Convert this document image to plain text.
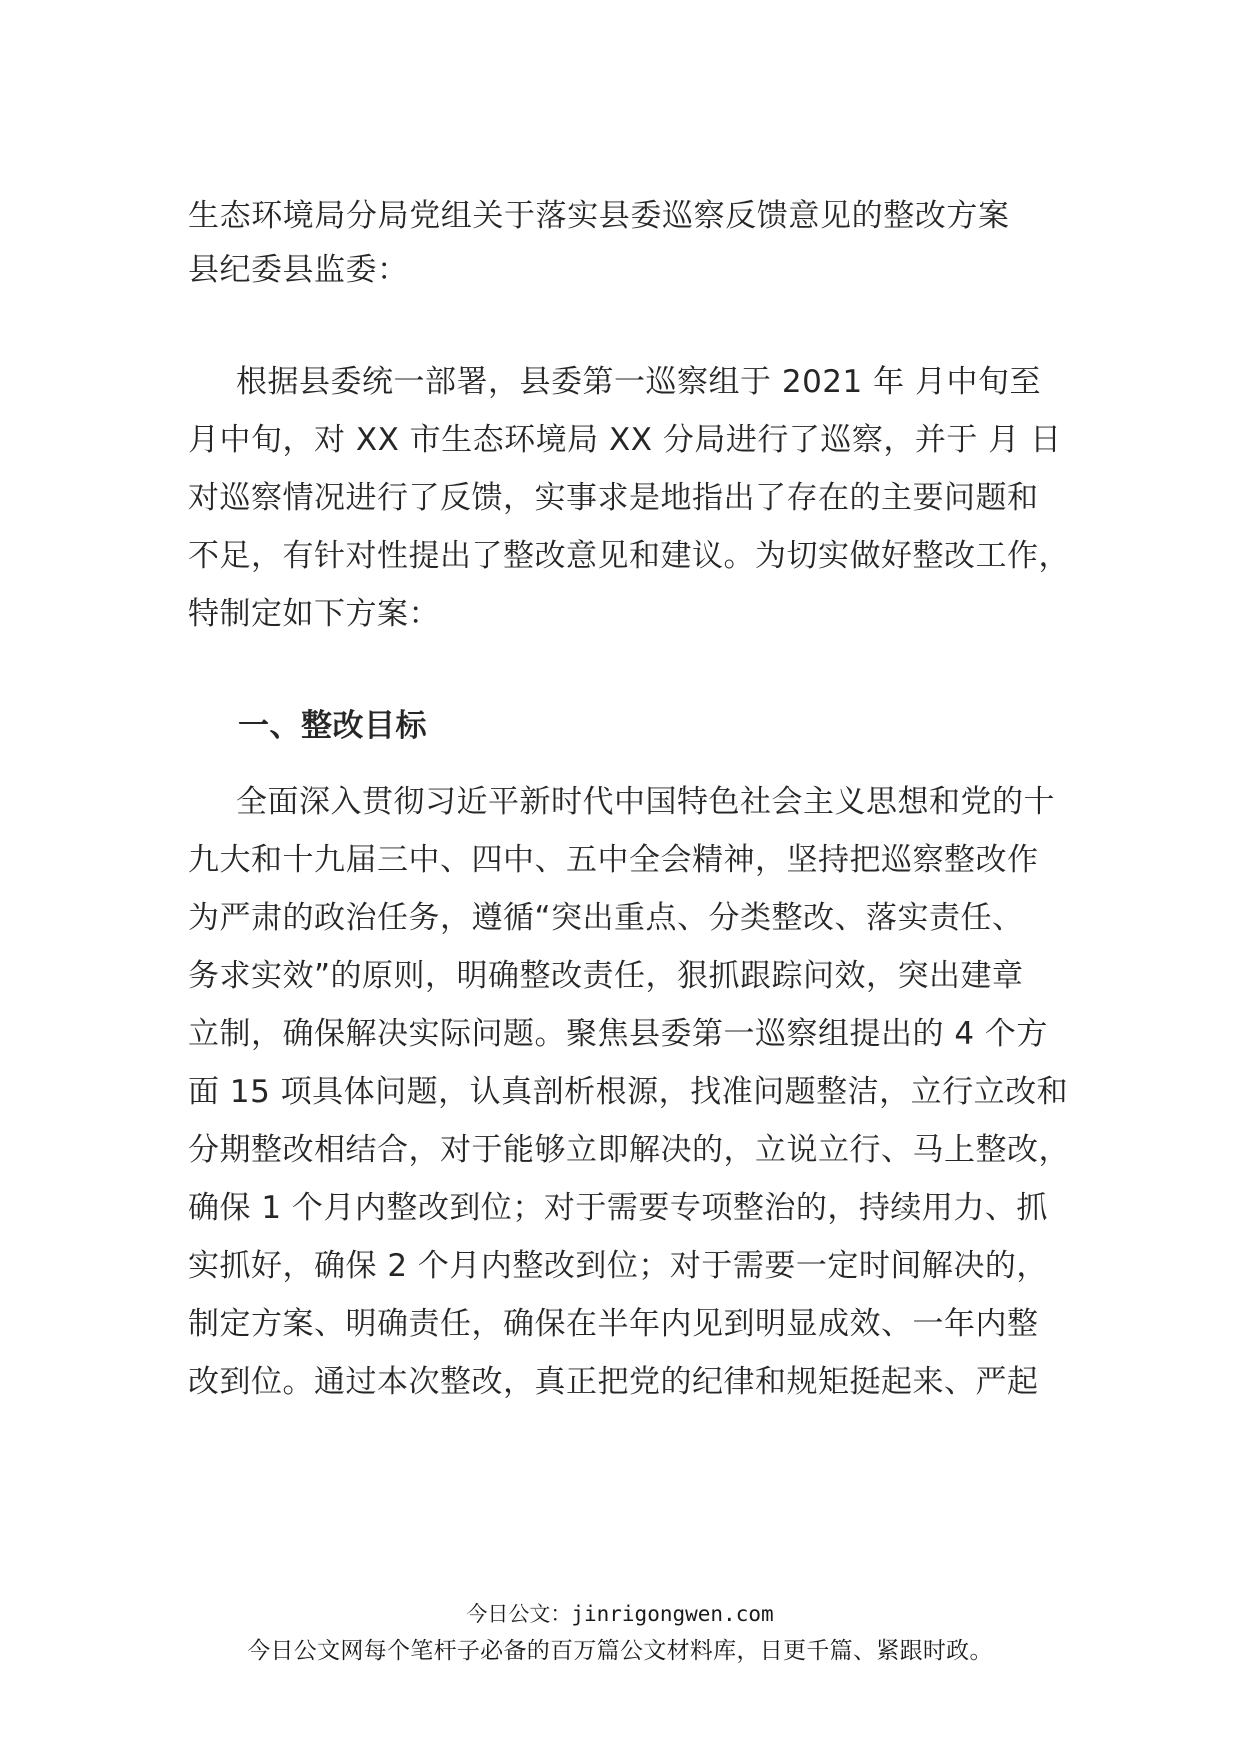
生态环境局分局党组关于落实县委巡察反馈意见的整改方案
县纪委县监委：
根据县委统一部署，县委第一巡察组于 2021 年 月中旬至
月中旬，对 XX 市生态环境局 XX 分局进行了巡察，并于 月 日
对巡察情况进行了反馈，实事求是地指出了存在的主要问题和
不足，有针对性提出了整改意见和建议。为切实做好整改工作，
特制定如下方案：
一、整改目标
全面深入贯彻习近平新时代中国特色社会主义思想和党的十
九大和十九届三中、四中、五中全会精神，坚持把巡察整改作
为严肃的政治任务，遵循“突出重点、分类整改、落实责任、
务求实效”的原则，明确整改责任，狠抓跟踪问效，突出建章
立制，确保解决实际问题。聚焦县委第一巡察组提出的 4 个方
面 15 项具体问题，认真剖析根源，找准问题整洁，立行立改和
分期整改相结合，对于能够立即解决的，立说立行、马上整改，
确保 1 个月内整改到位；对于需要专项整治的，持续用力、抓
实抓好，确保 2 个月内整改到位；对于需要一定时间解决的，
制定方案、明确责任，确保在半年内见到明显成效、一年内整
改到位。通过本次整改，真正把党的纪律和规矩挺起来、严起
今日公文：jinrigongwen.com
今日公文网每个笔杆子必备的百万篇公文材料库，日更千篇、紧跟时政。
